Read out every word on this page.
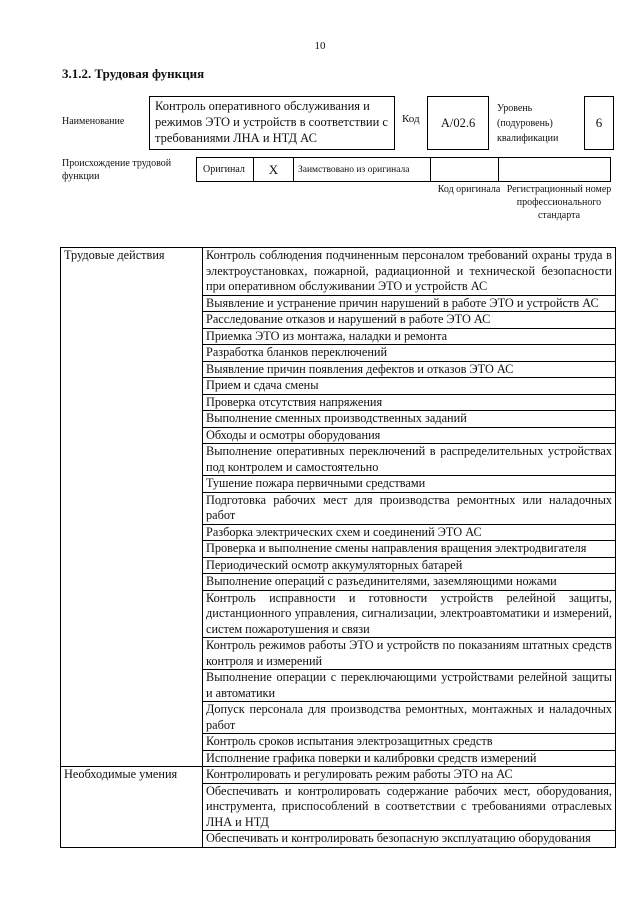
10
3.1.2. Трудовая функция
Наименование
Контроль оперативного обслуживания и режимов ЭТО и устройств в соответствии с требованиями ЛНА и НТД АС
Код	А/02.6
Уровень (подуровень) квалификации
6
Происхождение трудовой функции
Оригинал	Х	Заимствовано из оригинала
Код оригинала Регистрационный номер профессионального стандарта
Трудовые действия	Контроль соблюдения подчиненным персоналом требований охраны труда в электроустановках, пожарной, радиационной и технической безопасности при оперативном обслуживании ЭТО и устройств АС
	Выявление и устранение причин нарушений в работе ЭТО и устройств АС
	Расследование отказов и нарушений в работе ЭТО АС
	Приемка ЭТО из монтажа, наладки и ремонта
	Разработка бланков переключений
	Выявление причин появления дефектов и отказов ЭТО АС
	Прием и сдача смены
	Проверка отсутствия напряжения
	Выполнение сменных производственных заданий
	Обходы и осмотры оборудования
	Выполнение оперативных переключений в распределительных устройствах под контролем и самостоятельно
	Тушение пожара первичными средствами
	Подготовка рабочих мест для производства ремонтных или наладочных работ
	Разборка электрических схем и соединений ЭТО АС
	Проверка и выполнение смены направления вращения электродвигателя
	Периодический осмотр аккумуляторных батарей
	Выполнение операций с разъединителями, заземляющими ножами
	Контроль исправности и готовности устройств релейной защиты, дистанционного управления, сигнализации, электроавтоматики и измерений, систем пожаротушения и связи
	Контроль режимов работы ЭТО и устройств по показаниям штатных средств контроля и измерений
	Выполнение операции с переключающими устройствами релейной защиты и автоматики
	Допуск персонала для производства ремонтных, монтажных и наладочных работ
	Контроль сроков испытания электрозащитных средств
	Исполнение графика поверки и калибровки средств измерений
Необходимые умения	Контролировать и регулировать режим работы ЭТО на АС
	Обеспечивать и контролировать содержание рабочих мест, оборудования, инструмента, приспособлений в соответствии с требованиями отраслевых ЛНА и НТД
	Обеспечивать и контролировать безопасную эксплуатацию оборудования
